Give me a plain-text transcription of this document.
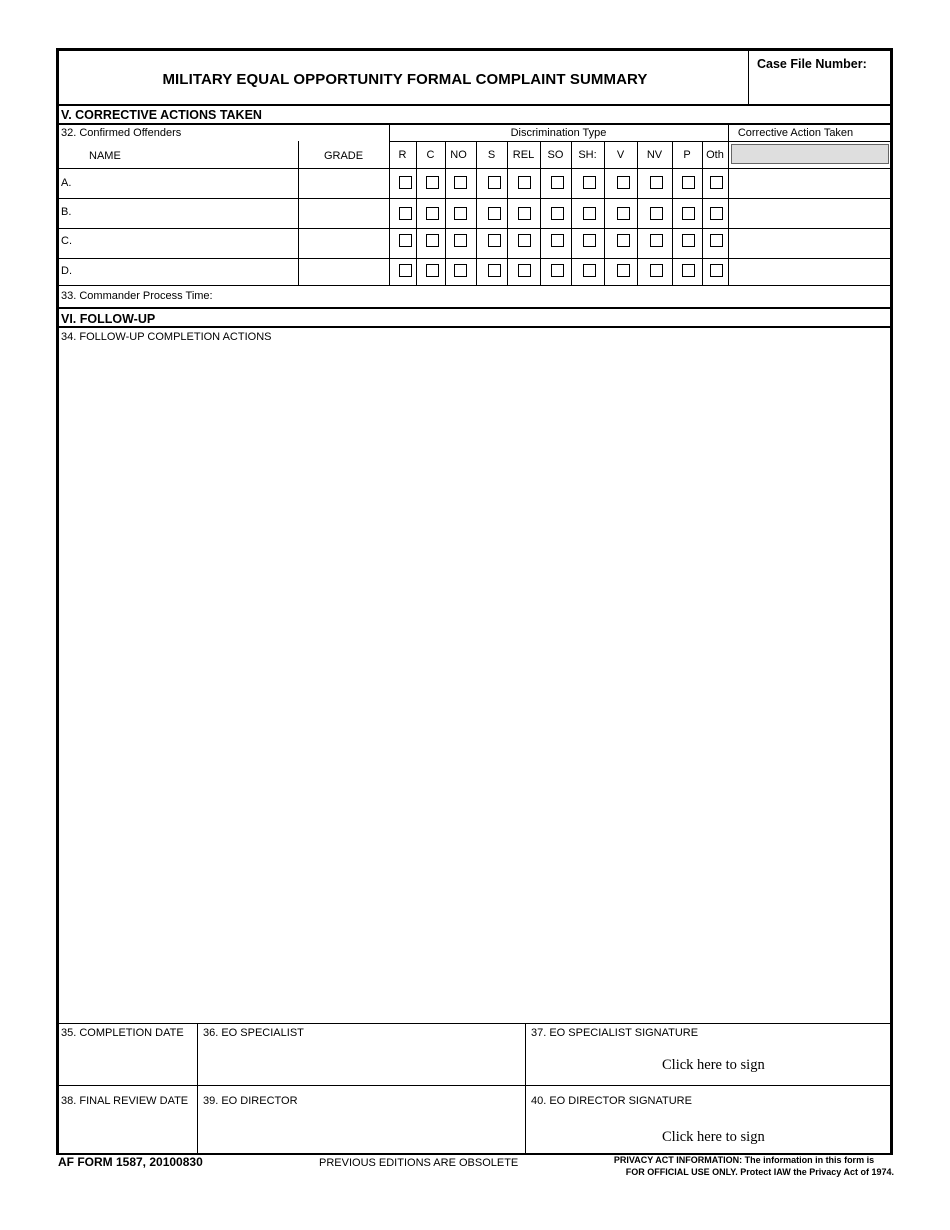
MILITARY EQUAL OPPORTUNITY FORMAL COMPLAINT SUMMARY
Case File Number:
V. CORRECTIVE ACTIONS TAKEN
32. Confirmed Offenders	Discrimination Type	Corrective Action Taken
NAME	GRADE	R	C	NO	S	REL	SO	SH:	V	NV	P	Oth
A.
B.
C.
D.
33. Commander Process Time:
VI. FOLLOW-UP
34. FOLLOW-UP COMPLETION ACTIONS
35. COMPLETION DATE 36. EO SPECIALIST	37. EO SPECIALIST SIGNATURE
Click here to sign
38. FINAL REVIEW DATE 39. EO DIRECTOR	40. EO DIRECTOR SIGNATURE
Click here to sign
AF FORM 1587, 20100830	PREVIOUS EDITIONS ARE OBSOLETE	PRIVACY ACT INFORMATION: The information in this form is
FOR OFFICIAL USE ONLY. Protect IAW the Privacy Act of 1974.
